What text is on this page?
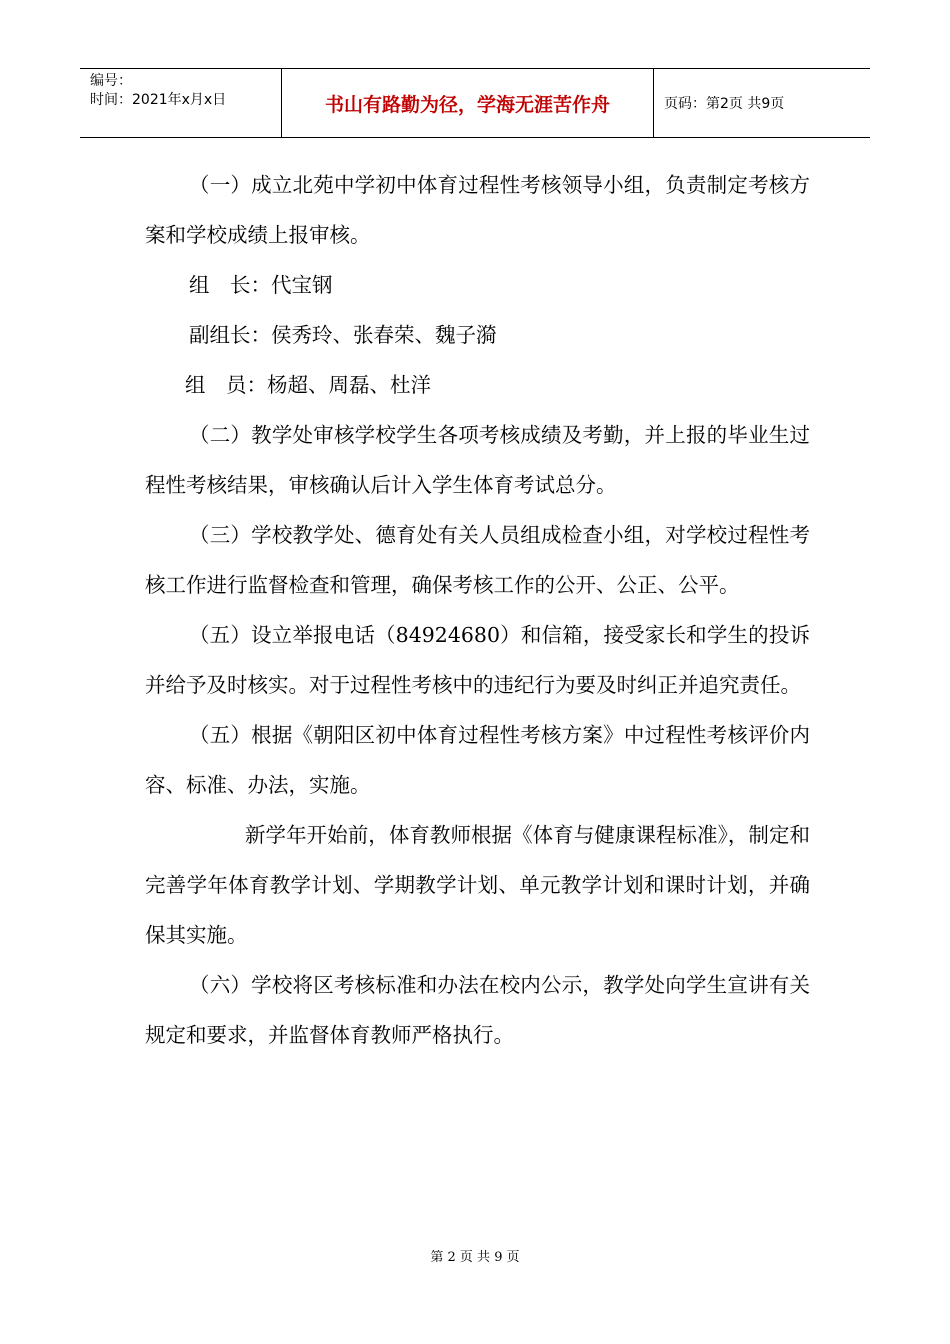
编号：
时间：2021年x月x日	书山有路勤为径，学海无涯苦作舟	页码：第2页 共9页

（一）成立北苑中学初中体育过程性考核领导小组，负责制定考核方案和学校成绩上报审核。

组　长：代宝钢

副组长：侯秀玲、张春荣、魏子漪

组　员：杨超、周磊、杜洋

（二）教学处审核学校学生各项考核成绩及考勤，并上报的毕业生过程性考核结果，审核确认后计入学生体育考试总分。

（三）学校教学处、德育处有关人员组成检查小组，对学校过程性考核工作进行监督检查和管理，确保考核工作的公开、公正、公平。

（五）设立举报电话（84924680）和信箱，接受家长和学生的投诉并给予及时核实。对于过程性考核中的违纪行为要及时纠正并追究责任。

（五）根据《朝阳区初中体育过程性考核方案》中过程性考核评价内容、标准、办法，实施。

新学年开始前，体育教师根据《体育与健康课程标准》，制定和完善学年体育教学计划、学期教学计划、单元教学计划和课时计划，并确保其实施。

（六）学校将区考核标准和办法在校内公示，教学处向学生宣讲有关规定和要求，并监督体育教师严格执行。

第 2 页 共 9 页
